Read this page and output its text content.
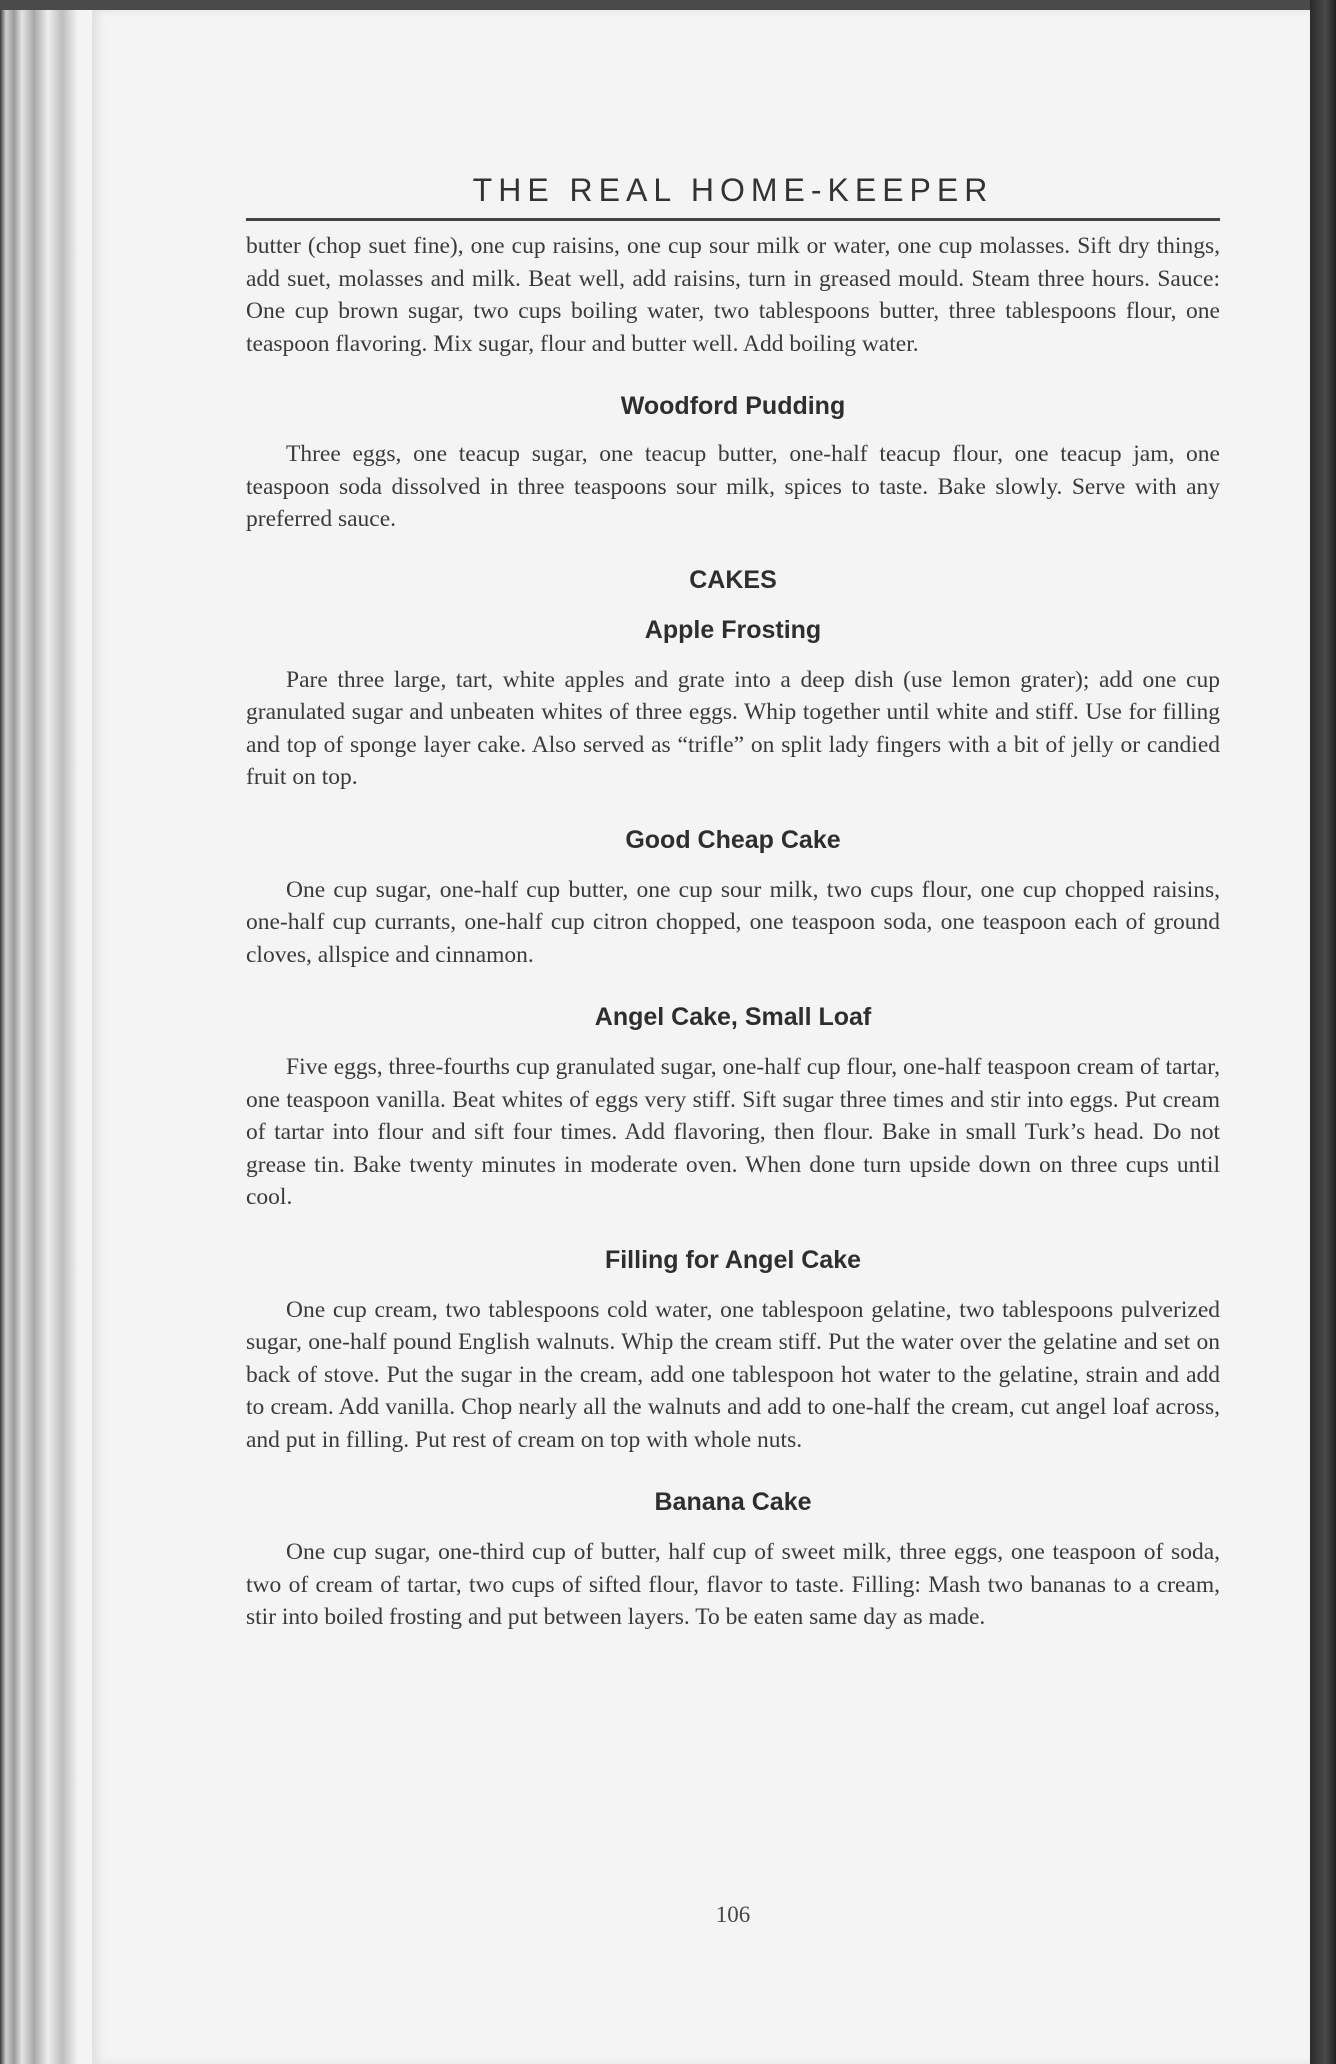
THE REAL HOME-KEEPER

butter (chop suet fine), one cup raisins, one cup sour milk or water, one cup molasses. Sift dry things, add suet, molasses and milk. Beat well, add raisins, turn in greased mould. Steam three hours. Sauce: One cup brown sugar, two cups boiling water, two tablespoons butter, three tablespoons flour, one teaspoon flavoring. Mix sugar, flour and butter well. Add boiling water.

Woodford Pudding

Three eggs, one teacup sugar, one teacup butter, one-half teacup flour, one teacup jam, one teaspoon soda dissolved in three teaspoons sour milk, spices to taste. Bake slowly. Serve with any preferred sauce.

CAKES
Apple Frosting

Pare three large, tart, white apples and grate into a deep dish (use lemon grater); add one cup granulated sugar and unbeaten whites of three eggs. Whip together until white and stiff. Use for filling and top of sponge layer cake. Also served as “trifle” on split lady fingers with a bit of jelly or candied fruit on top.

Good Cheap Cake

One cup sugar, one-half cup butter, one cup sour milk, two cups flour, one cup chopped raisins, one-half cup currants, one-half cup citron chopped, one teaspoon soda, one teaspoon each of ground cloves, allspice and cinnamon.

Angel Cake, Small Loaf

Five eggs, three-fourths cup granulated sugar, one-half cup flour, one-half teaspoon cream of tartar, one teaspoon vanilla. Beat whites of eggs very stiff. Sift sugar three times and stir into eggs. Put cream of tartar into flour and sift four times. Add flavoring, then flour. Bake in small Turk’s head. Do not grease tin. Bake twenty minutes in moderate oven. When done turn upside down on three cups until cool.

Filling for Angel Cake

One cup cream, two tablespoons cold water, one tablespoon gelatine, two tablespoons pulverized sugar, one-half pound English walnuts. Whip the cream stiff. Put the water over the gelatine and set on back of stove. Put the sugar in the cream, add one tablespoon hot water to the gelatine, strain and add to cream. Add vanilla. Chop nearly all the walnuts and add to one-half the cream, cut angel loaf across, and put in filling. Put rest of cream on top with whole nuts.

Banana Cake

One cup sugar, one-third cup of butter, half cup of sweet milk, three eggs, one teaspoon of soda, two of cream of tartar, two cups of sifted flour, flavor to taste. Filling: Mash two bananas to a cream, stir into boiled frosting and put between layers. To be eaten same day as made.

106
